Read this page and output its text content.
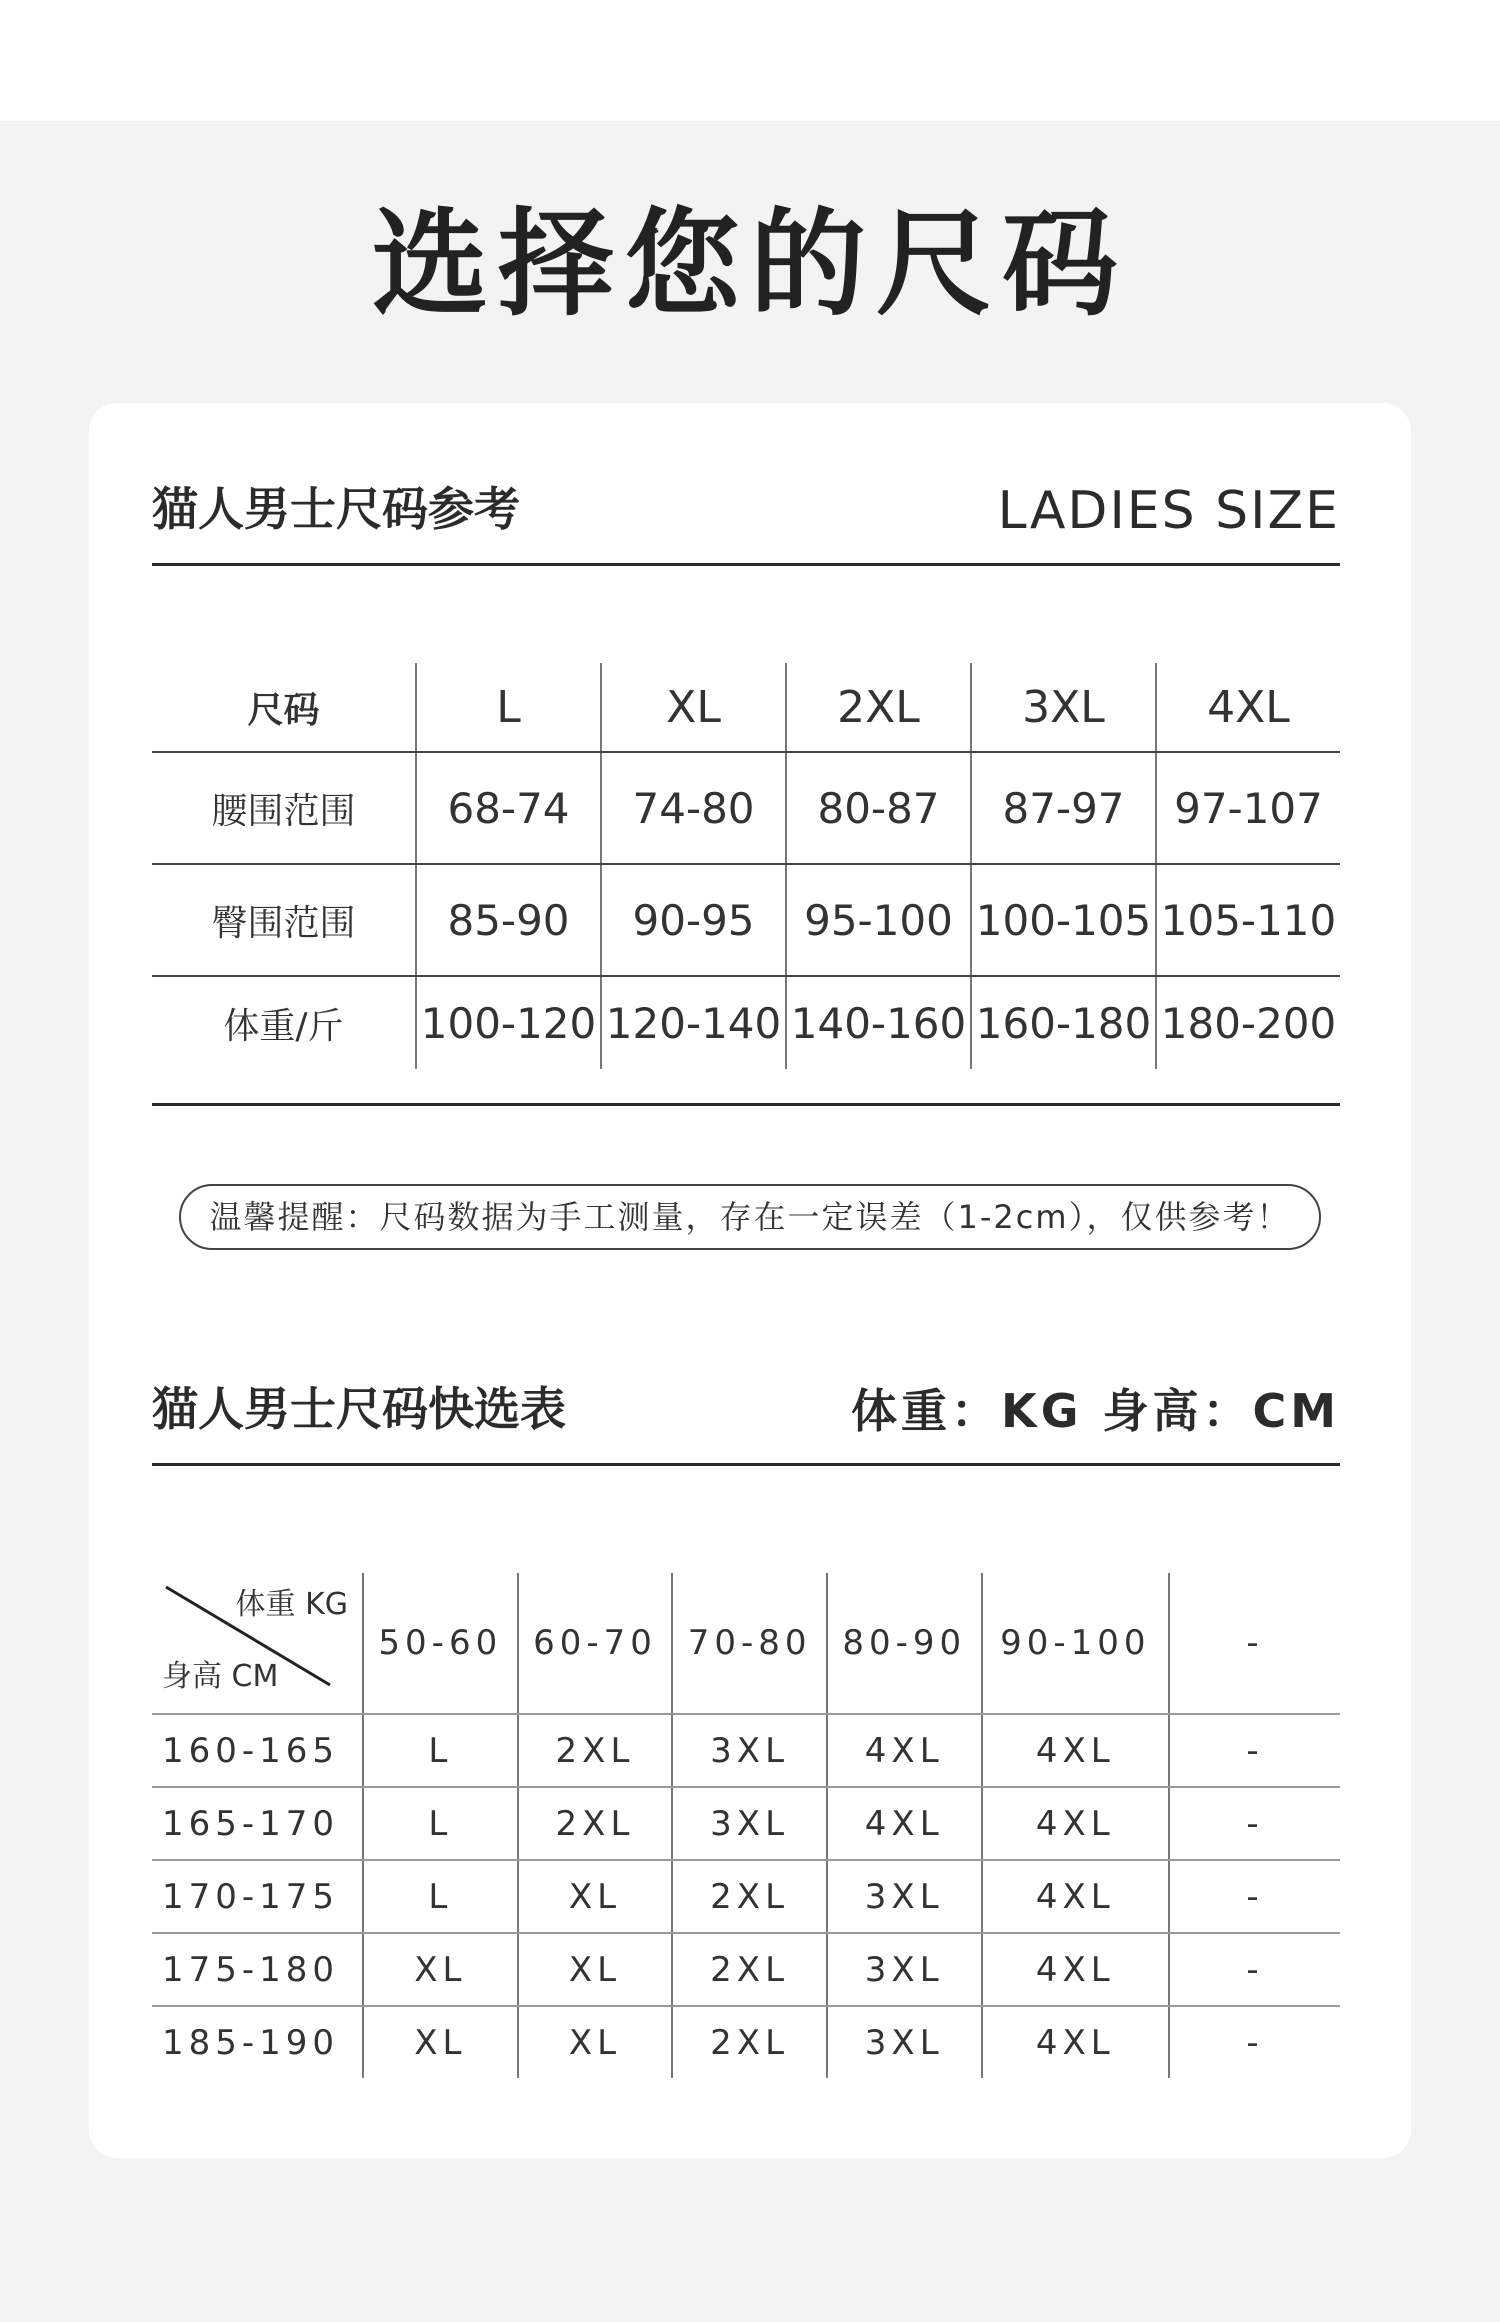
选择您的尺码
猫人男士尺码参考	LADIES SIZE
尺码	L	XL	2XL	3XL	4XL
腰围范围	68-74	74-80	80-87	87-97	97-107
臀围范围	85-90	90-95	95-100	100-105	105-110
体重/斤	100-120	120-140	140-160	160-180	180-200
温馨提醒：尺码数据为手工测量，存在一定误差（1-2cm），仅供参考！
猫人男士尺码快选表	体重：KG 身高：CM
体重 KG
身高 CM	50-60	60-70	70-80	80-90	90-100	-
160-165	L	2XL	3XL	4XL	4XL	-
165-170	L	2XL	3XL	4XL	4XL	-
170-175	L	XL	2XL	3XL	4XL	-
175-180	XL	XL	2XL	3XL	4XL	-
185-190	XL	XL	2XL	3XL	4XL	-
